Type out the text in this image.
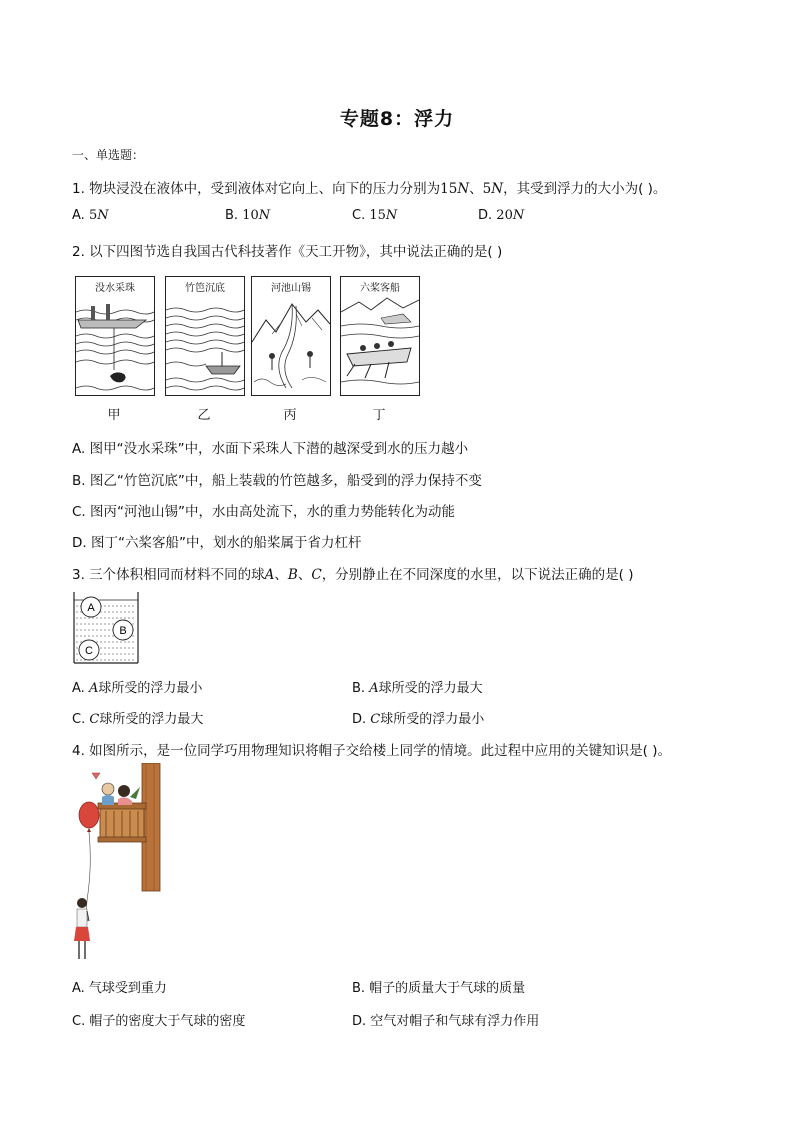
专题8：浮力
一、单选题：
1. 物块浸没在液体中，受到液体对它向上、向下的压力分别为15N、5N，其受到浮力的大小为( )。
A. 5N	B. 10N	C. 15N	D. 20N
2. 以下四图节选自我国古代科技著作《天工开物》，其中说法正确的是( )
没水采珠
甲
竹笆沉底
乙
河池山锡
丙
六桨客船
丁
A. 图甲“没水采珠”中，水面下采珠人下潜的越深受到水的压力越小
B. 图乙“竹笆沉底”中，船上装载的竹笆越多，船受到的浮力保持不变
C. 图丙“河池山锡”中，水由高处流下，水的重力势能转化为动能
D. 图丁“六桨客船”中，划水的船桨属于省力杠杆
3. 三个体积相同而材料不同的球A、B、C，分别静止在不同深度的水里，以下说法正确的是( )
A
B
C
A. A球所受的浮力最小	B. A球所受的浮力最大
C. C球所受的浮力最大	D. C球所受的浮力最小
4. 如图所示，是一位同学巧用物理知识将帽子交给楼上同学的情境。此过程中应用的关键知识是( )。
A. 气球受到重力	B. 帽子的质量大于气球的质量
C. 帽子的密度大于气球的密度	D. 空气对帽子和气球有浮力作用
